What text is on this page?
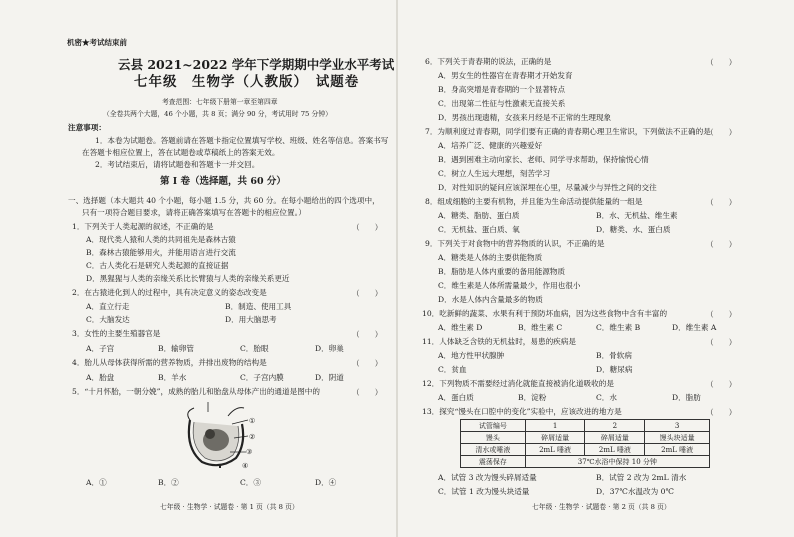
机密★考试结束前
云县 2021~2022 学年下学期期中学业水平考试
七年级　生物学（人教版）　试题卷
考查范围：七年级下册第一章至第四章
（全卷共两个大题，46 个小题，共 8 页；满分 90 分，考试用时 75 分钟）
注意事项：
1．本卷为试题卷。答题前请在答题卡指定位置填写学校、班级、姓名等信息。答案书写
在答题卡相应位置上，答在试题卷或草稿纸上的答案无效。
2．考试结束后，请将试题卷和答题卡一并交回。
第 Ⅰ 卷（选择题，共 60 分）
一、选择题（本大题共 40 个小题，每小题 1.5 分，共 60 分。在每小题给出的四个选项中，
只有一项符合题目要求，请将正确答案填写在答题卡的相应位置。）
1．下列关于人类起源的叙述，不正确的是	（　　）
A．现代类人猿和人类的共同祖先是森林古猿
B．森林古猿能够用火，并能用语言进行交流
C．古人类化石是研究人类起源的直接证据
D．黑猩猩与人类的亲缘关系比长臂猿与人类的亲缘关系更近
2．在古猿进化到人的过程中，具有决定意义的姿态改变是	（　　）
A．直立行走	B．制造、使用工具
C．大脑发达	D．用大脑思考
3．女性的主要生殖器官是	（　　）
A．子宫	B．输卵管	C．胎眼	D．卵巢
4．胎儿从母体获得所需的营养物质，并排出废物的结构是	（　　）
A．胎盘	B．羊水	C．子宫内膜	D．阴道
5．“十月怀胎，一朝分娩”，成熟的胎儿和胎盘从母体产出的通道是图中的	（　　）
①
②
③
④
A．①	B．②	C．③	D．④
七年级 · 生物学 · 试题卷 · 第 1 页（共 8 页）
6．下列关于青春期的说法，正确的是	（　　）
A．男女生的性器官在青春期才开始发育
B．身高突增是青春期的一个显著特点
C．出现第二性征与性激素无直接关系
D．男孩出现遗精，女孩来月经是不正常的生理现象
7．为顺利度过青春期，同学们要有正确的青春期心理卫生常识，下列做法不正确的是
（　　）
A．培养广泛、健康的兴趣爱好
B．遇到困难主动向家长、老师、同学寻求帮助，保持愉悦心情
C．树立人生远大理想，刻苦学习
D．对性知识的疑问应该深埋在心里，尽量减少与异性之间的交往
8．组成细胞的主要有机物，并且能为生命活动提供能量的一组是	（　　）
A．糖类、脂肪、蛋白质	B．水、无机盐、维生素
C．无机盐、蛋白质、氧	D．糖类、水、蛋白质
9．下列关于对食物中的营养物质的认识，不正确的是	（　　）
A．糖类是人体的主要供能物质
B．脂肪是人体内重要的备用能源物质
C．维生素是人体所需量最少，作用也很小
D．水是人体内含量最多的物质
10．吃新鲜的蔬菜、水果有利于预防坏血病，因为这些食物中含有丰富的	（　　）
A．维生素 D	B．维生素 C	C．维生素 B	D．维生素 A
11．人体缺乏含铁的无机盐时，易患的疾病是	（　　）
A．地方性甲状腺肿	B．骨软病
C．贫血	D．糖尿病
12．下列物质不需要经过消化就能直接被消化道吸收的是	（　　）
A．蛋白质	B．淀粉	C．水	D．脂肪
13．探究“馒头在口腔中的变化”实验中，应该改进的地方是	（　　）
试管编号	1	2	3
馒头	碎屑适量	碎屑适量	馒头块适量
清水或唾液	2mL 唾液	2mL 唾液	2mL 唾液
震荡保存	37℃水浴中保持 10 分钟		
A．试管 3 改为馒头碎屑适量	B．试管 2 改为 2mL 清水
C．试管 1 改为馒头块适量	D．37℃水温改为 0℃
七年级 · 生物学 · 试题卷 · 第 2 页（共 8 页）
